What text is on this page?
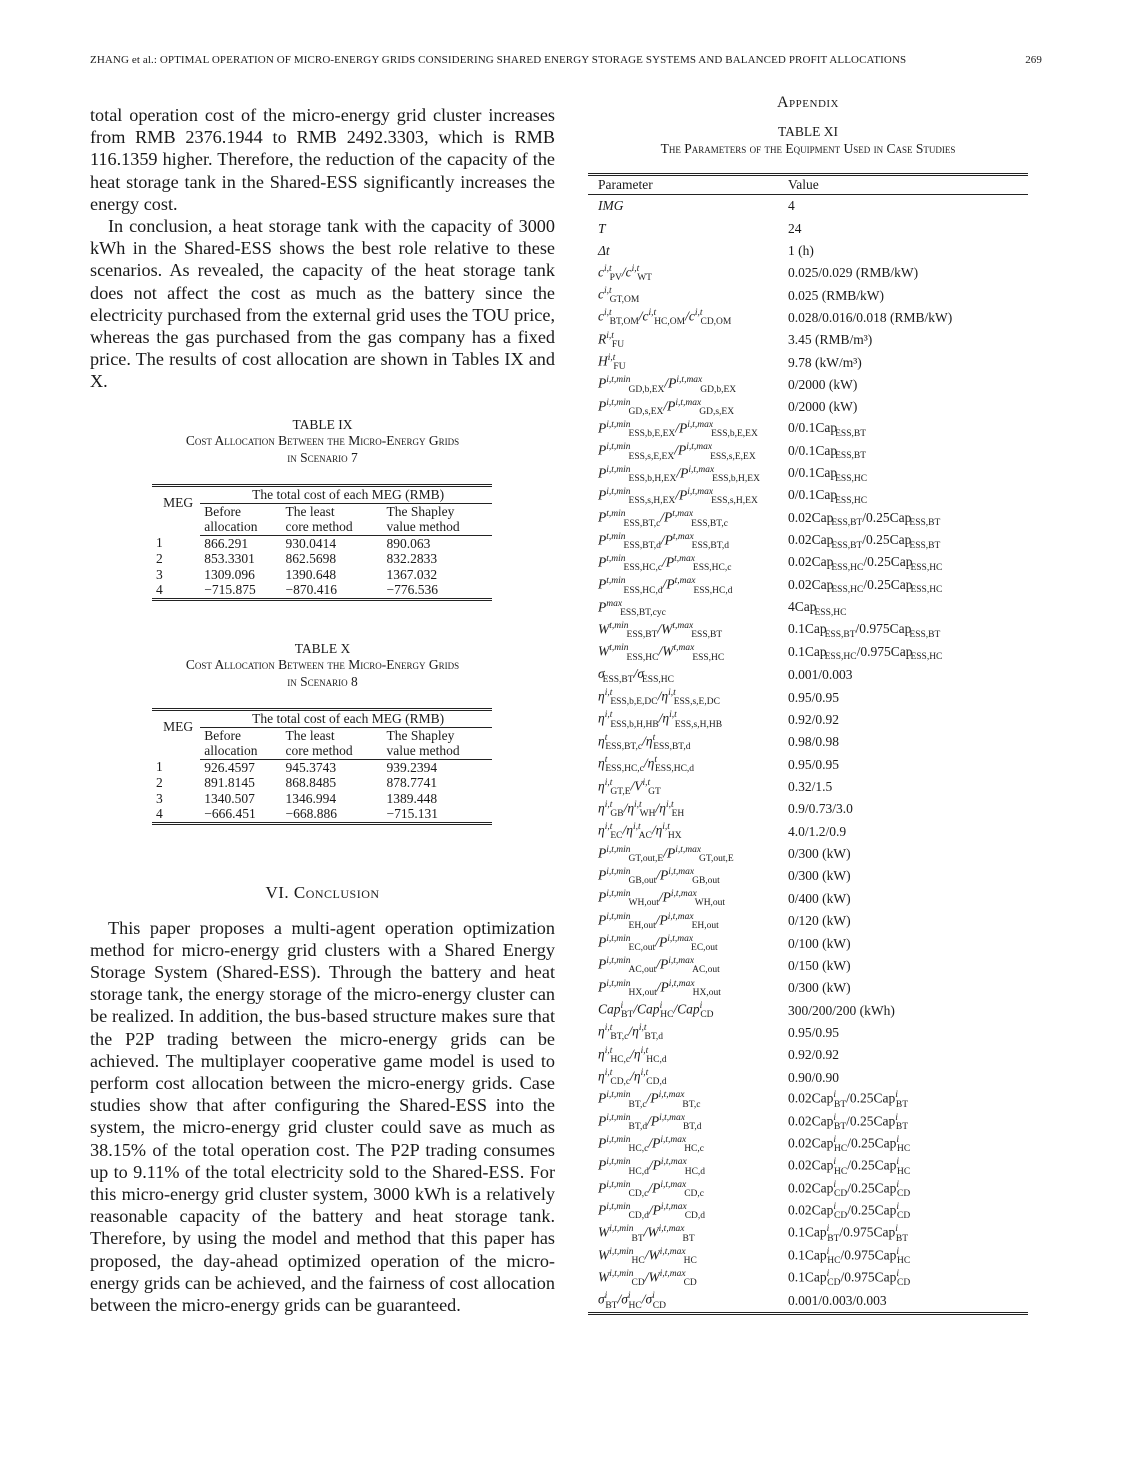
ZHANG et al.: OPTIMAL OPERATION OF MICRO-ENERGY GRIDS CONSIDERING SHARED ENERGY STORAGE SYSTEMS AND BALANCED PROFIT ALLOCATIONS	269

total operation cost of the micro-energy grid cluster increases from RMB 2376.1944 to RMB 2492.3303, which is RMB 116.1359 higher. Therefore, the reduction of the capacity of the heat storage tank in the Shared-ESS significantly increases the energy cost.

In conclusion, a heat storage tank with the capacity of 3000 kWh in the Shared-ESS shows the best role relative to these scenarios. As revealed, the capacity of the heat storage tank does not affect the cost as much as the battery since the electricity purchased from the external grid uses the TOU price, whereas the gas purchased from the gas company has a fixed price. The results of cost allocation are shown in Tables IX and X.

TABLE IX
Cost Allocation Between the Micro-Energy Grids
in Scenario 7
MEG	The total cost of each MEG (RMB)		
	Before	The least	The Shapley
	allocation	core method	value method
1	866.291	930.0414	890.063
2	853.3301	862.5698	832.2833
3	1309.096	1390.648	1367.032
4	−715.875	−870.416	−776.536
TABLE X
Cost Allocation Between the Micro-Energy Grids
in Scenario 8
MEG	The total cost of each MEG (RMB)		
	Before	The least	The Shapley
	allocation	core method	value method
1	926.4597	945.3743	939.2394
2	891.8145	868.8485	878.7741
3	1340.507	1346.994	1389.448
4	−666.451	−668.886	−715.131
VI. Conclusion

This paper proposes a multi-agent operation optimization method for micro-energy grid clusters with a Shared Energy Storage System (Shared-ESS). Through the battery and heat storage tank, the energy storage of the micro-energy cluster can be realized. In addition, the bus-based structure makes sure that the P2P trading between the micro-energy grids can be achieved. The multiplayer cooperative game model is used to perform cost allocation between the micro-energy grids. Case studies show that after configuring the Shared-ESS into the system, the micro-energy grid cluster could save as much as 38.15% of the total operation cost. The P2P trading consumes up to 9.11% of the total electricity sold to the Shared-ESS. For this micro-energy grid cluster system, 3000 kWh is a relatively reasonable capacity of the battery and heat storage tank. Therefore, by using the model and method that this paper has proposed, the day-ahead optimized operation of the micro-energy grids can be achieved, and the fairness of cost allocation between the micro-energy grids can be guaranteed.

Appendix
TABLE XI
The Parameters of the Equipment Used in Case Studies
Parameter	Value
IMG	4
T	24
Δt	1 (h)
$c^{i,t}_{PV}/c^{i,t}_{WT}$	0.025/0.029 (RMB/kW)
$c^{i,t}_{GT,OM}$	0.025 (RMB/kW)
$c^{i,t}_{BT,OM}/c^{i,t}_{HC,OM}/c^{i,t}_{CD,OM}$	0.028/0.016/0.018 (RMB/kW)
R$^{i,t}_{FU}$	3.45 (RMB/m³)
H$^{i,t}_{FU}$	9.78 (kW/m³)
$P^{i,t,min}_{GD,b,EX}/P^{i,t,max}_{GD,b,EX}$	0/2000 (kW)
$P^{i,t,min}_{GD,s,EX}/P^{i,t,max}_{GD,s,EX}$	0/2000 (kW)
$P^{i,t,min}_{ESS,b,E,EX}/P^{i,t,max}_{ESS,b,E,EX}$	0/0.1Cap$_{ESS,BT}$
$P^{i,t,min}_{ESS,s,E,EX}/P^{i,t,max}_{ESS,s,E,EX}$	0/0.1Cap$_{ESS,BT}$
$P^{i,t,min}_{ESS,b,H,EX}/P^{i,t,max}_{ESS,b,H,EX}$	0/0.1Cap$_{ESS,HC}$
$P^{i,t,min}_{ESS,s,H,EX}/P^{i,t,max}_{ESS,s,H,EX}$	0/0.1Cap$_{ESS,HC}$
$P^{t,min}_{ESS,BT,c}/P^{t,max}_{ESS,BT,c}$	0.02Cap$_{ESS,BT}$/0.25Cap$_{ESS,BT}$
$P^{t,min}_{ESS,BT,d}/P^{t,max}_{ESS,BT,d}$	0.02Cap$_{ESS,BT}$/0.25Cap$_{ESS,BT}$
$P^{t,min}_{ESS,HC,c}/P^{t,max}_{ESS,HC,c}$	0.02Cap$_{ESS,HC}$/0.25Cap$_{ESS,HC}$
$P^{t,min}_{ESS,HC,d}/P^{t,max}_{ESS,HC,d}$	0.02Cap$_{ESS,HC}$/0.25Cap$_{ESS,HC}$
$P^{max}_{ESS,BT,cyc}$	4Cap$_{ESS,HC}$
$W^{t,min}_{ESS,BT}/W^{t,max}_{ESS,BT}$	0.1Cap$_{ESS,BT}$/0.975Cap$_{ESS,BT}$
$W^{t,min}_{ESS,HC}/W^{t,max}_{ESS,HC}$	0.1Cap$_{ESS,HC}$/0.975Cap$_{ESS,HC}$
$\sigma_{ESS,BT}/\sigma_{ESS,HC}$	0.001/0.003
$\eta^{i,t}_{ESS,b,E,DC}/\eta^{i,t}_{ESS,s,E,DC}$	0.95/0.95
$\eta^{i,t}_{ESS,b,H,HB}/\eta^{i,t}_{ESS,s,H,HB}$	0.92/0.92
$\eta^t_{ESS,BT,c}/\eta^t_{ESS,BT,d}$	0.98/0.98
$\eta^t_{ESS,HC,c}/\eta^t_{ESS,HC,d}$	0.95/0.95
$\eta^{i,t}_{GT,E}/V^{i,t}_{GT}$	0.32/1.5
$\eta^{i,t}_{GB}/\eta^{i,t}_{WH}/\eta^{i,t}_{EH}$	0.9/0.73/3.0
$\eta^{i,t}_{EC}/\eta^{i,t}_{AC}/\eta^{i,t}_{HX}$	4.0/1.2/0.9
$P^{i,t,min}_{GT,out,E}/P^{i,t,max}_{GT,out,E}$	0/300 (kW)
$P^{i,t,min}_{GB,out}/P^{i,t,max}_{GB,out}$	0/300 (kW)
$P^{i,t,min}_{WH,out}/P^{i,t,max}_{WH,out}$	0/400 (kW)
$P^{i,t,min}_{EH,out}/P^{i,t,max}_{EH,out}$	0/120 (kW)
$P^{i,t,min}_{EC,out}/P^{i,t,max}_{EC,out}$	0/100 (kW)
$P^{i,t,min}_{AC,out}/P^{i,t,max}_{AC,out}$	0/150 (kW)
$P^{i,t,min}_{HX,out}/P^{i,t,max}_{HX,out}$	0/300 (kW)
Cap$^i_{BT}$/Cap$^i_{HC}$/Cap$^i_{CD}$	300/200/200 (kWh)
$\eta^{i,t}_{BT,c}/\eta^{i,t}_{BT,d}$	0.95/0.95
$\eta^{i,t}_{HC,c}/\eta^{i,t}_{HC,d}$	0.92/0.92
$\eta^{i,t}_{CD,c}/\eta^{i,t}_{CD,d}$	0.90/0.90
$P^{i,t,min}_{BT,c}/P^{i,t,max}_{BT,c}$	0.02Cap$^i_{BT}$/0.25Cap$^i_{BT}$
$P^{i,t,min}_{BT,d}/P^{i,t,max}_{BT,d}$	0.02Cap$^i_{BT}$/0.25Cap$^i_{BT}$
$P^{i,t,min}_{HC,c}/P^{i,t,max}_{HC,c}$	0.02Cap$^i_{HC}$/0.25Cap$^i_{HC}$
$P^{i,t,min}_{HC,d}/P^{i,t,max}_{HC,d}$	0.02Cap$^i_{HC}$/0.25Cap$^i_{HC}$
$P^{i,t,min}_{CD,c}/P^{i,t,max}_{CD,c}$	0.02Cap$^i_{CD}$/0.25Cap$^i_{CD}$
$P^{i,t,min}_{CD,d}/P^{i,t,max}_{CD,d}$	0.02Cap$^i_{CD}$/0.25Cap$^i_{CD}$
$W^{i,t,min}_{BT}/W^{i,t,max}_{BT}$	0.1Cap$^i_{BT}$/0.975Cap$^i_{BT}$
$W^{i,t,min}_{HC}/W^{i,t,max}_{HC}$	0.1Cap$^i_{HC}$/0.975Cap$^i_{HC}$
$W^{i,t,min}_{CD}/W^{i,t,max}_{CD}$	0.1Cap$^i_{CD}$/0.975Cap$^i_{CD}$
$\sigma^i_{BT}/\sigma^i_{HC}/\sigma^i_{CD}$	0.001/0.003/0.003
